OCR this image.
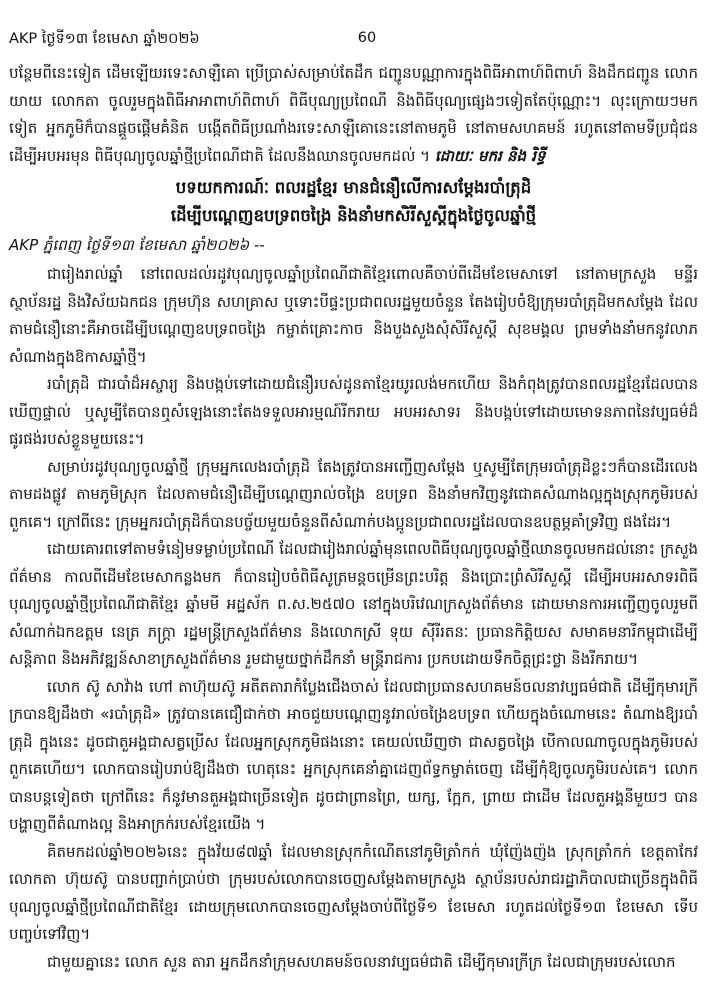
AKP ថ្ងៃទី១៣ ខែមេសា ឆ្នាំ២០២៦	60

បន្ថែមពីនេះទៀត ដើមឡើយរទេះសាឡឺគោ ប្រើប្រាស់សម្រាប់តែដឹក ជញ្ជូនបណ្ណាការក្នុងពិធីអាពាហ៍ពិពាហ៍ និងដឹកជញ្ជូន លោក យាយ លោកតា ចូលរួមក្នុងពិធីអាអាពាហ៍ពិពាហ៍ ពិធីបុណ្យប្រពៃណី និងពិធីបុណ្យផ្សេងៗទៀតតែប៉ុណ្ណោះ។ លុះក្រោយៗមកទៀត អ្នកភូមិក៏បានផ្ដួចផ្ដើមគំនិត បង្កើតពិធីប្រណាំងរទេះសាឡឺគោនេះនៅតាមភូមិ នៅតាមសហគមន៍ រហូតនៅតាមទីប្រជុំជន ដើម្បីអបអរមុន ពិធីបុណ្យចូលឆ្នាំថ្មីប្រពៃណីជាតិ ដែលនឹងឈានចូលមកដល់ ។ ដោយៈ មករ និង រិទ្ធី

បទយកការណ៍ៈ ពលរដ្ឋខ្មែរ មានជំនឿលើការសម្ដែងរបាំត្រុដិ
ដើម្បីបណ្ដេញឧបទ្រពចង្រៃ និងនាំមកសិរីសួស្ដីក្នុងថ្ងៃចូលឆ្នាំថ្មី

AKP ភ្នំពេញ ថ្ងៃទី១៣ ខែមេសា ឆ្នាំ២០២៦ --

ជារៀងរាល់ឆ្នាំ នៅពេលដល់រដូវបុណ្យចូលឆ្នាំប្រពៃណីជាតិខ្មែរពោលគឺចាប់ពីដើមខែមេសាទៅ នៅតាមក្រសួង មន្ទីរ ស្ថាប័នរដ្ឋ និងវិស័យឯកជន ក្រុមហ៊ុន សហគ្រាស ឬទោះបីផ្ទះប្រជាពលរដ្ឋមួយចំនួន តែងរៀបចំឱ្យក្រុមរបាំត្រុដិមកសម្ដែង ដែលតាមជំនឿនោះគឺអាចដើម្បីបណ្ដេញឧបទ្រពចង្រៃ កម្ចាត់គ្រោះកាច និងបួងសួងសុំសិរីសួស្ដី សុខមង្គល ព្រមទាំងនាំមកនូវលាភសំណាងក្នុងឱកាសឆ្នាំថ្មី។

របាំត្រុដិ ជារបាំដ៏អស្ចារ្យ និងបង្កប់ទៅដោយជំនឿរបស់ដូនតាខ្មែរយូរលង់មកហើយ និងកំពុងត្រូវបានពលរដ្ឋខ្មែរដែលបានឃើញផ្ទាល់ ឬសូម្បីតែបានឮសំឡេងនោះតែងទទួលអារម្មណ៍រីករាយ អបអរសាទរ និងបង្កប់ទៅដោយមោទនភាពនៃវប្បធម៌ដ៏ផូរផង់របស់ខ្លួនមួយនេះ។

សម្រាប់រដូវបុណ្យចូលឆ្នាំថ្មី ក្រុមអ្នកលេងរបាំត្រុដិ តែងត្រូវបានអញ្ជើញសម្ដែង ឬសូម្បីតែក្រុមរបាំត្រុដិខ្លះៗក៏បានដើរលេងតាមដងផ្លូវ តាមភូមិស្រុក ដែលតាមជំនឿដើម្បីបណ្ដេញរាល់ចង្រៃ ឧបទ្រព និងនាំមកវិញនូវជោគសំណាងល្អក្នុងស្រុកភូមិរបស់ពួកគេ។ ក្រៅពីនេះ ក្រុមអ្នករបាំត្រុដិក៏បានបច្ច័យមួយចំនួនពីសំណាក់បងប្អូនប្រជាពលរដ្ឋដែលបានឧបត្ថម្ភគាំទ្រវិញ ផងដែរ។

ដោយគោរពទៅតាមទំនៀមទម្លាប់ប្រពៃណី ដែលជារៀងរាល់ឆ្នាំមុនពេលពិធីបុណ្យចូលឆ្នាំថ្មីឈានចូលមកដល់នោះ ក្រសួងព័ត៌មាន កាលពីដើមខែមេសាកន្លងមក ក៏បានរៀបចំពិធីសូត្រមន្តចម្រើនព្រះបរិត្ត និងប្រោះព្រំសិរីសួស្ដី ដើម្បីអបអរសាទរពិធីបុណ្យចូលឆ្នាំថ្មីប្រពៃណីជាតិខ្មែរ ឆ្នាំមមី អដ្ឋស័ក ព.ស.២៥៧០ នៅក្នុងបរិវេណក្រសួងព័ត៌មាន ដោយមានការអញ្ជើញចូលរួមពីសំណាក់ឯកឧត្តម នេត្រ ភក្ត្រា រដ្ឋមន្ត្រីក្រសួងព័ត៌មាន និងលោកស្រី ទុយ ស៊ីរីរតនៈ ប្រធានកិត្តិយស សមាគមនារីកម្ពុជាដើម្បីសន្តិភាព និងអភិវឌ្ឍន៍សាខាក្រសួងព័ត៌មាន រួមជាមួយថ្នាក់ដឹកនាំ មន្ត្រីរាជការ ប្រកបដោយទឹកចិត្តជ្រះថ្លា និងរីករាយ។

លោក ស៊ូ សាវ៉ាង ហៅ តាហ៊ុយស៊ូ អតីតតារាកំប្លែងជើងចាស់ ដែលជាប្រធានសហគមន៍ចលនាវប្បធម៌ជាតិ ដើម្បីកុមារក្រីក្របានឱ្យដឹងថា «របាំត្រុដិ» ត្រូវបានគេជឿជាក់ថា អាចជួយបណ្ដេញនូវរាល់ចង្រៃឧបទ្រព ហើយក្នុងចំណោមនេះ តំណាងឱ្យរបាំត្រុដិ ក្នុងនេះ ដូចជាតួអង្គជាសត្វប្រើស ដែលអ្នកស្រុកភូមិផងនោះ គេយល់ឃើញថា ជាសត្វចង្រៃ បើកាលណាចូលក្នុងភូមិរបស់ពួកគេហើយ។ លោកបានរៀបរាប់ឱ្យដឹងថា ហេតុនេះ អ្នកស្រុកគេនាំគ្នាដេញព័ទ្ធកម្ចាត់ចេញ ដើម្បីកុំឱ្យចូលភូមិរបស់គេ។ លោកបានបន្តទៀតថា ក្រៅពីនេះ ក៏នូវមានតួអង្គជាច្រើនទៀត ដូចជាព្រានព្រៃ, យក្ស, ក្អែក, ព្រាយ ជាដើម ដែលតួអង្គនីមួយៗ បានបង្ហាញពីតំណាងល្អ និងអាក្រក់របស់ខ្មែរយើង ។

គិតមកដល់ឆ្នាំ២០២៦នេះ ក្នុងវ័យ៨៧ឆ្នាំ ដែលមានស្រុកកំណើតនៅភូមិត្រាំកក់ ឃុំញ៉ែងញ៉ង ស្រុកត្រាំកក់ ខេត្តតាកែវ លោកតា ហ៊ុយស៊ូ បានបញ្ជាក់ប្រាប់ថា ក្រុមរបស់លោកបានចេញសម្ដែងតាមក្រសួង ស្ថាប័នរបស់រាជរដ្ឋាភិបាលជាច្រើនក្នុងពិធីបុណ្យចូលឆ្នាំថ្មីប្រពៃណីជាតិខ្មែរ ដោយក្រុមលោកបានចេញសម្ដែងចាប់ពីថ្ងៃទី១ ខែមេសា រហូតដល់ថ្ងៃទី១៣ ខែមេសា ទើបបញ្ចប់ទៅវិញ។

ជាមួយគ្នានេះ លោក សួន តារា អ្នកដឹកនាំក្រុមសហគមន៍ចលនាវប្បធម៌ជាតិ ដើម្បីកុមារក្រីក្រ ដែលជាក្រុមរបស់លោក
